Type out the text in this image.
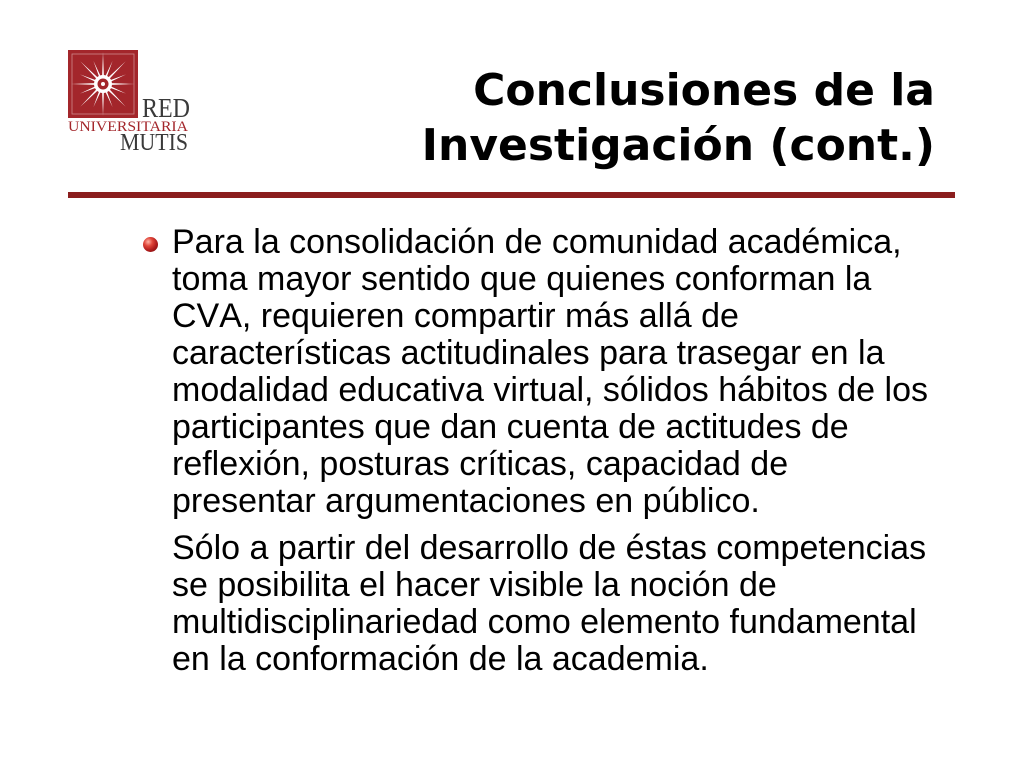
RED
UNIVERSITARIA
MUTIS
Conclusiones de la
Investigación (cont.)

Para la consolidación de comunidad académica, toma mayor sentido que quienes conforman la CVA, requieren compartir más allá de características actitudinales para trasegar en la modalidad educativa virtual, sólidos hábitos de los participantes que dan cuenta de actitudes de reflexión, posturas críticas, capacidad de presentar argumentaciones en público.

Sólo a partir del desarrollo de éstas competencias se posibilita el hacer visible la noción de multidisciplinariedad como elemento fundamental en la conformación de la academia.
